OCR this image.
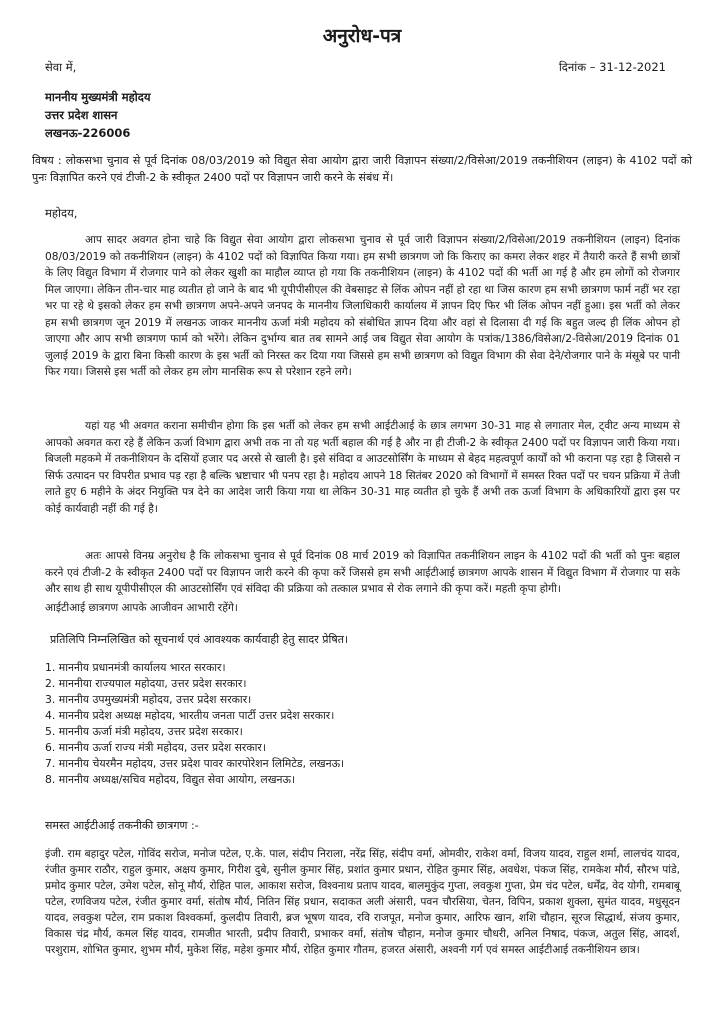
अनुरोध-पत्र
सेवा में,	दिनांक – 31-12-2021
माननीय मुख्यमंत्री महोदय
उत्तर प्रदेश शासन
लखनऊ-226006
विषय : लोकसभा चुनाव से पूर्व दिनांक 08/03/2019 को विद्युत सेवा आयोग द्वारा जारी विज्ञापन संख्या/2/विसेआ/2019 तकनीशियन (लाइन) के 4102 पदों को पुनः विज्ञापित करने एवं टीजी-2 के स्वीकृत 2400 पदों पर विज्ञापन जारी करने के संबंध में।
महोदय,

आप सादर अवगत होना चाहे कि विद्युत सेवा आयोग द्वारा लोकसभा चुनाव से पूर्व जारी विज्ञापन संख्या/2/विसेआ/2019 तकनीशियन (लाइन) दिनांक 08/03/2019 को तकनीशियन (लाइन) के 4102 पदों को विज्ञापित किया गया। हम सभी छात्रगण जो कि किराए का कमरा लेकर शहर में तैयारी करते हैं सभी छात्रों के लिए विद्युत विभाग में रोजगार पाने को लेकर खुशी का माहौल व्याप्त हो गया कि तकनीशियन (लाइन) के 4102 पदों की भर्ती आ गई है और हम लोगों को रोजगार मिल जाएगा। लेकिन तीन-चार माह व्यतीत हो जाने के बाद भी यूपीपीसीएल की वेबसाइट से लिंक ओपन नहीं हो रहा था जिस कारण हम सभी छात्रगण फार्म नहीं भर रहा भर पा रहे थे इसको लेकर हम सभी छात्रगण अपने-अपने जनपद के माननीय जिलाधिकारी कार्यालय में ज्ञापन दिए फिर भी लिंक ओपन नहीं हुआ। इस भर्ती को लेकर हम सभी छात्रगण जून 2019 में लखनऊ जाकर माननीय ऊर्जा मंत्री महोदय को संबोधित ज्ञापन दिया और वहां से दिलासा दी गई कि बहुत जल्द ही लिंक ओपन हो जाएगा और आप सभी छात्रगण फार्म को भरेंगे। लेकिन दुर्भाग्य बात तब सामने आई जब विद्युत सेवा आयोग के पत्रांक/1386/विसेआ/2-विसेआ/2019 दिनांक 01 जुलाई 2019 के द्वारा बिना किसी कारण के इस भर्ती को निरस्त कर दिया गया जिससे हम सभी छात्रगण को विद्युत विभाग की सेवा देने/रोजगार पाने के मंसूबे पर पानी फिर गया। जिससे इस भर्ती को लेकर हम लोग मानसिक रूप से परेशान रहने लगे।

यहां यह भी अवगत कराना समीचीन होगा कि इस भर्ती को लेकर हम सभी आईटीआई के छात्र लगभग 30-31 माह से लगातार मेल, ट्वीट अन्य माध्यम से आपको अवगत करा रहे हैं लेकिन ऊर्जा विभाग द्वारा अभी तक ना तो यह भर्ती बहाल की गई है और ना ही टीजी-2 के स्वीकृत 2400 पदों पर विज्ञापन जारी किया गया। बिजली महकमे में तकनीशियन के दसियों हजार पद अरसे से खाली है। इसे संविदा व आउटसोर्सिंग के माध्यम से बेहद महत्वपूर्ण कार्यों को भी कराना पड़ रहा है जिससे न सिर्फ उत्पादन पर विपरीत प्रभाव पड़ रहा है बल्कि भ्रष्टाचार भी पनप रहा है। महोदय आपने 18 सितंबर 2020 को विभागों में समस्त रिक्त पदों पर चयन प्रक्रिया में तेजी लाते हुए 6 महीने के अंदर नियुक्ति पत्र देने का आदेश जारी किया गया था लेकिन 30-31 माह व्यतीत हो चुके हैं अभी तक ऊर्जा विभाग के अधिकारियों द्वारा इस पर कोई कार्यवाही नहीं की गई है।

अतः आपसे विनम्र अनुरोध है कि लोकसभा चुनाव से पूर्व दिनांक 08 मार्च 2019 को विज्ञापित तकनीशियन लाइन के 4102 पदों की भर्ती को पुनः बहाल करने एवं टीजी-2 के स्वीकृत 2400 पदों पर विज्ञापन जारी करने की कृपा करें जिससे हम सभी आईटीआई छात्रगण आपके शासन में विद्युत विभाग में रोजगार पा सके और साथ ही साथ यूपीपीसीएल की आउटसोर्सिंग एवं संविदा की प्रक्रिया को तत्काल प्रभाव से रोक लगाने की कृपा करें। महती कृपा होगी।

आईटीआई छात्रगण आपके आजीवन आभारी रहेंगे।
प्रतिलिपि निम्नलिखित को सूचनार्थ एवं आवश्यक कार्यवाही हेतु सादर प्रेषित।
1. माननीय प्रधानमंत्री कार्यालय भारत सरकार।
2. माननीया राज्यपाल महोदया, उत्तर प्रदेश सरकार।
3. माननीय उपमुख्यमंत्री महोदय, उत्तर प्रदेश सरकार।
4. माननीय प्रदेश अध्यक्ष महोदय, भारतीय जनता पार्टी उत्तर प्रदेश सरकार।
5. माननीय ऊर्जा मंत्री महोदय, उत्तर प्रदेश सरकार।
6. माननीय ऊर्जा राज्य मंत्री महोदय, उत्तर प्रदेश सरकार।
7. माननीय चेयरमैन महोदय, उत्तर प्रदेश पावर कारपोरेशन लिमिटेड, लखनऊ।
8. माननीय अध्यक्ष/सचिव महोदय, विद्युत सेवा आयोग, लखनऊ।
समस्त आईटीआई तकनीकी छात्रगण :-

इंजी. राम बहादुर पटेल, गोविंद सरोज, मनोज पटेल, ए.के. पाल, संदीप निराला, नरेंद्र सिंह, संदीप वर्मा, ओमवीर, राकेश वर्मा, विजय यादव, राहुल शर्मा, लालचंद यादव, रंजीत कुमार राठौर, राहुल कुमार, अक्षय कुमार, गिरीश दुबे, सुनील कुमार सिंह, प्रशांत कुमार प्रधान, रोहित कुमार सिंह, अवधेश, पंकज सिंह, रामकेश मौर्य, सौरभ पांडे, प्रमोद कुमार पटेल, उमेश पटेल, सोनू मौर्य, रोहित पाल, आकाश सरोज, विश्वनाथ प्रताप यादव, बालमुकुंद गुप्ता, लवकुश गुप्ता, प्रेम चंद पटेल, धर्मेंद्र, वेद योगी, रामबाबू पटेल, रणविजय पटेल, रंजीत कुमार वर्मा, संतोष मौर्य, नितिन सिंह प्रधान, सदाकत अली अंसारी, पवन चौरसिया, चेतन, विपिन, प्रकाश शुक्ला, सुमंत यादव, मधुसूदन यादव, लवकुश पटेल, राम प्रकाश विश्वकर्मा, कुलदीप तिवारी, ब्रज भूषण यादव, रवि राजपूत, मनोज कुमार, आरिफ खान, शशि चौहान, सूरज सिद्धार्थ, संजय कुमार, विकास चंद्र मौर्य, कमल सिंह यादव, रामजीत भारती, प्रदीप तिवारी, प्रभाकर वर्मा, संतोष चौहान, मनोज कुमार चौधरी, अनिल निषाद, पंकज, अतुल सिंह, आदर्श, परशुराम, शोभित कुमार, शुभम मौर्य, मुकेश सिंह, महेश कुमार मौर्य, रोहित कुमार गौतम, हजरत अंसारी, अश्वनी गर्ग एवं समस्त आईटीआई तकनीशियन छात्र।
